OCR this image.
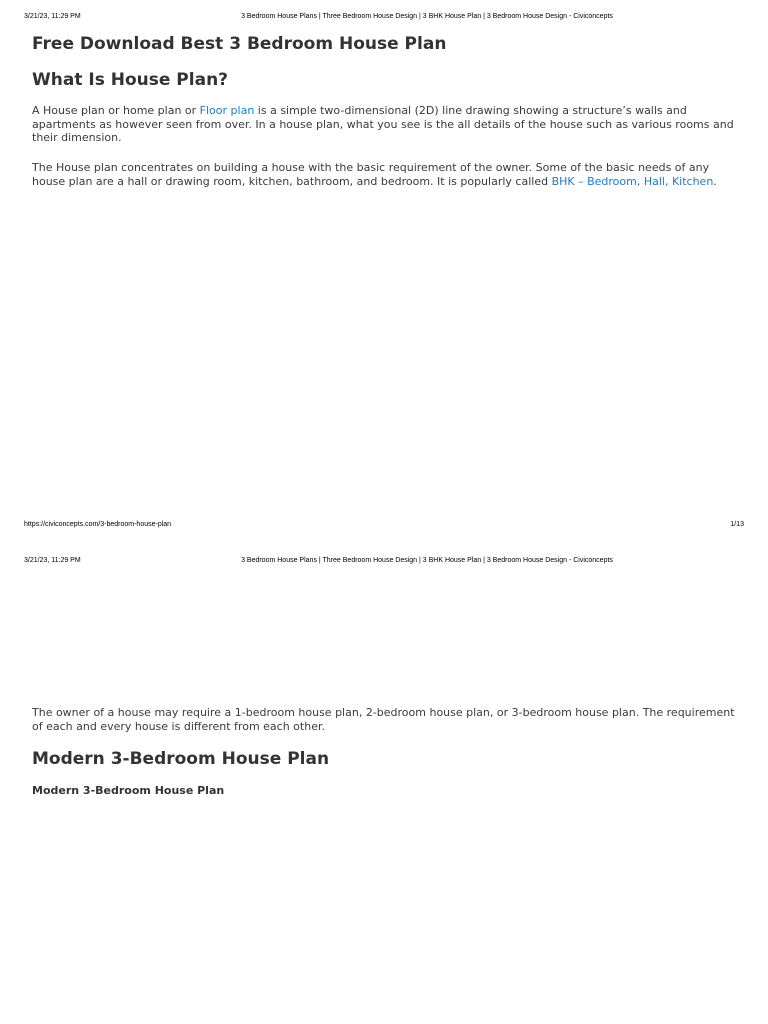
3/21/23, 11:29 PM	3 Bedroom House Plans | Three Bedroom House Design | 3 BHK House Plan | 3 Bedroom House Design - Civiconcepts
Free Download Best 3 Bedroom House Plan
What Is House Plan?

A House plan or home plan or Floor plan is a simple two-dimensional (2D) line drawing showing a structure’s walls and apartments as however seen from over. In a house plan, what you see is the all details of the house such as various rooms and their dimension.

The House plan concentrates on building a house with the basic requirement of the owner. Some of the basic needs of any house plan are a hall or drawing room, kitchen, bathroom, and bedroom. It is popularly called BHK – Bedroom, Hall, Kitchen.

https://civiconcepts.com/3-bedroom-house-plan	1/13
3/21/23, 11:29 PM	3 Bedroom House Plans | Three Bedroom House Design | 3 BHK House Plan | 3 Bedroom House Design - Civiconcepts

The owner of a house may require a 1-bedroom house plan, 2-bedroom house plan, or 3-bedroom house plan. The requirement of each and every house is different from each other.

Modern 3-Bedroom House Plan
Modern 3-Bedroom House Plan
